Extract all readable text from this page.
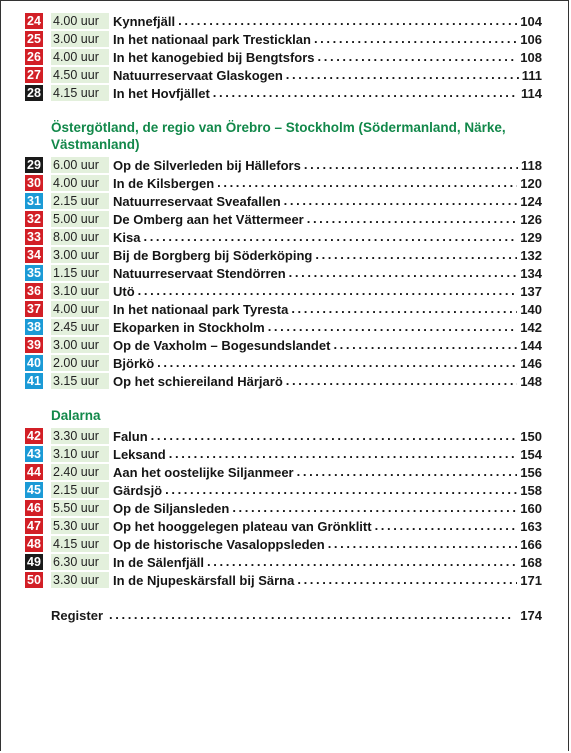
24 4.00 uur	Kynnefjäll . . .	104
25 3.00 uur	In het nationaal park Tresticklan . . .	106
26 4.00 uur	In het kanogebied bij Bengtsfors . . .	108
27 4.50 uur	Natuurreservaat Glaskogen . . .	111
28 4.15 uur	In het Hovfjället . . .	114
Östergötland, de regio van Örebro – Stockholm (Södermanland, Närke, Västmanland)
29 6.00 uur	Op de Silverleden bij Hällefors . . .	118
30 4.00 uur	In de Kilsbergen . . .	120
31 2.15 uur	Natuurreservaat Sveafallen . . .	124
32 5.00 uur	De Omberg aan het Vättermeer . . .	126
33 8.00 uur	Kisa . . .	129
34 3.00 uur	Bij de Borgberg bij Söderköping . . .	132
35 1.15 uur	Natuurreservaat Stendörren . . .	134
36 3.10 uur	Utö . . .	137
37 4.00 uur	In het nationaal park Tyresta . . .	140
38 2.45 uur	Ekoparken in Stockholm . . .	142
39 3.00 uur	Op de Vaxholm – Bogesundslandet . . .	144
40 2.00 uur	Björkö . . .	146
41 3.15 uur	Op het schiereiland Härjarö . . .	148
Dalarna
42 3.30 uur	Falun . . .	150
43 3.10 uur	Leksand . . .	154
44 2.40 uur	Aan het oostelijke Siljanmeer . . .	156
45 2.15 uur	Gärdsjö . . .	158
46 5.50 uur	Op de Siljansleden . . .	160
47 5.30 uur	Op het hooggelegen plateau van Grönklitt . . .	163
48 4.15 uur	Op de historische Vasaloppsleden . . .	166
49 6.30 uur	In de Sälenfjäll . . .	168
50 3.30 uur	In de Njupeskärsfall bij Särna . . .	171
Register . . .	174
